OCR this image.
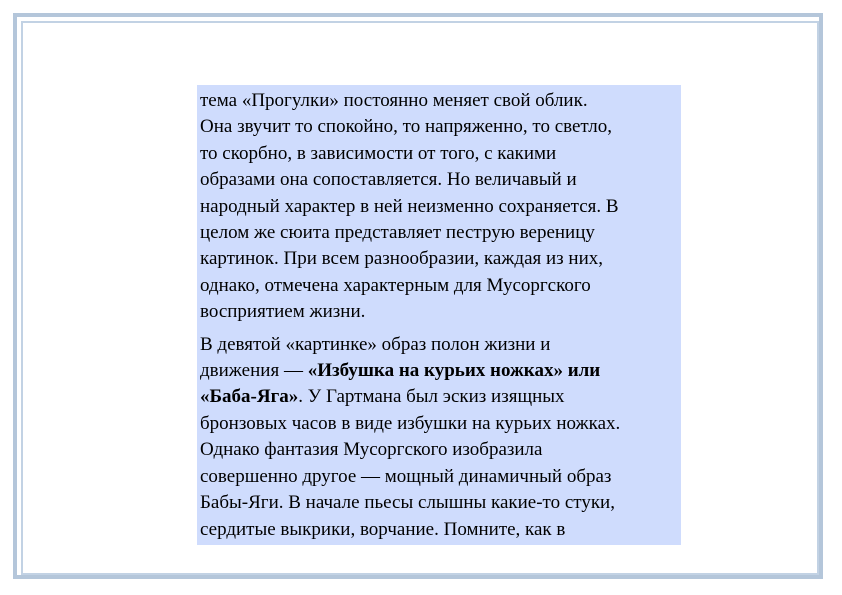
тема «Прогулки» постоянно меняет свой облик.
Она звучит то спокойно, то напряженно, то светло,
то скорбно, в зависимости от того, с какими
образами она сопоставляется. Но величавый и
народный характер в ней неизменно сохраняется. В
целом же сюита представляет пеструю вереницу
картинок. При всем разнообразии, каждая из них,
однако, отмечена характерным для Мусоргского
восприятием жизни.

В девятой «картинке» образ полон жизни и
движения — «Избушка на курьих ножках» или
«Баба-Яга». У Гартмана был эскиз изящных
бронзовых часов в виде избушки на курьих ножках.
Однако фантазия Мусоргского изобразила
совершенно другое — мощный динамичный образ
Бабы-Яги. В начале пьесы слышны какие-то стуки,
сердитые выкрики, ворчание. Помните, как в
